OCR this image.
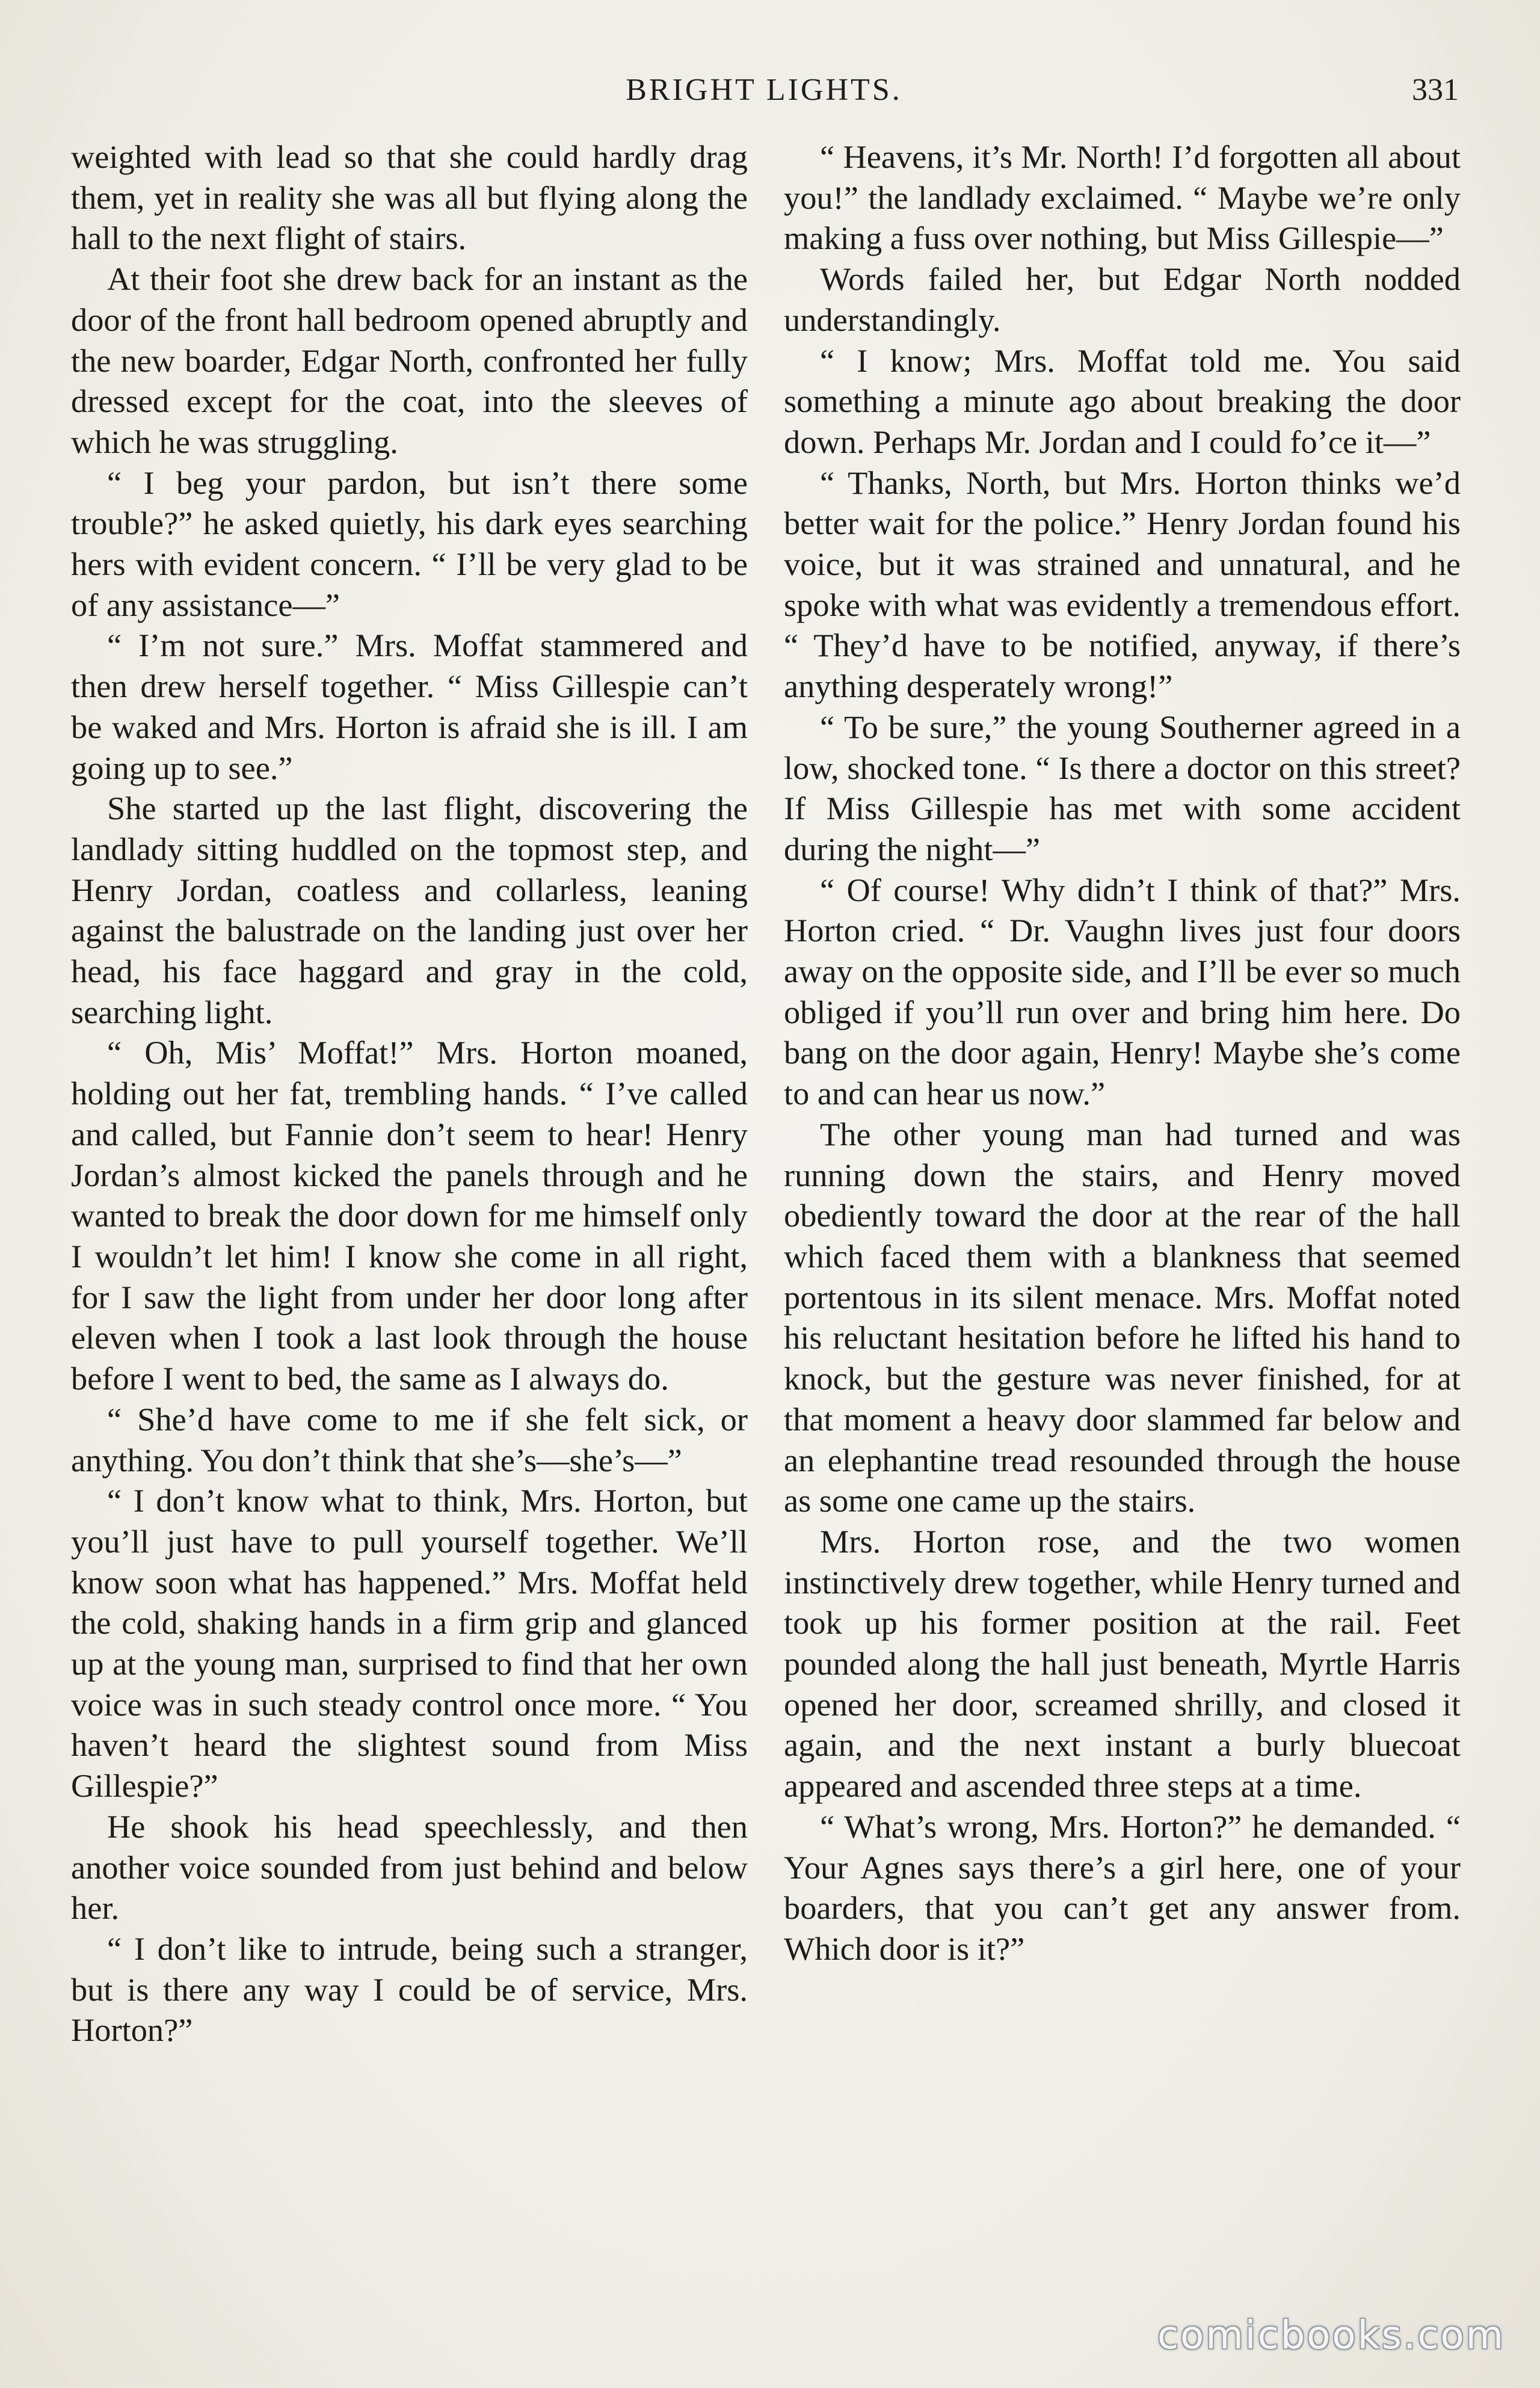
BRIGHT LIGHTS.	331

weighted with lead so that she could hardly drag them, yet in reality she was all but flying along the hall to the next flight of stairs.

At their foot she drew back for an instant as the door of the front hall bedroom opened abruptly and the new boarder, Edgar North, confronted her fully dressed except for the coat, into the sleeves of which he was struggling.

“ I beg your pardon, but isn’t there some trouble?” he asked quietly, his dark eyes searching hers with evident concern. “ I’ll be very glad to be of any assistance—”

“ I’m not sure.” Mrs. Moffat stammered and then drew herself together. “ Miss Gillespie can’t be waked and Mrs. Horton is afraid she is ill. I am going up to see.”

She started up the last flight, discovering the landlady sitting huddled on the topmost step, and Henry Jordan, coatless and collarless, leaning against the balustrade on the landing just over her head, his face haggard and gray in the cold, searching light.

“ Oh, Mis’ Moffat!” Mrs. Horton moaned, holding out her fat, trembling hands. “ I’ve called and called, but Fannie don’t seem to hear! Henry Jordan’s almost kicked the panels through and he wanted to break the door down for me himself only I wouldn’t let him! I know she come in all right, for I saw the light from under her door long after eleven when I took a last look through the house before I went to bed, the same as I always do.

“ She’d have come to me if she felt sick, or anything. You don’t think that she’s—she’s—”

“ I don’t know what to think, Mrs. Horton, but you’ll just have to pull yourself together. We’ll know soon what has happened.” Mrs. Moffat held the cold, shaking hands in a firm grip and glanced up at the young man, surprised to find that her own voice was in such steady control once more. “ You haven’t heard the slightest sound from Miss Gillespie?”

He shook his head speechlessly, and then another voice sounded from just behind and below her.

“ I don’t like to intrude, being such a stranger, but is there any way I could be of service, Mrs. Horton?”

“ Heavens, it’s Mr. North! I’d forgotten all about you!” the landlady exclaimed. “ Maybe we’re only making a fuss over nothing, but Miss Gillespie—”

Words failed her, but Edgar North nodded understandingly.

“ I know; Mrs. Moffat told me. You said something a minute ago about breaking the door down. Perhaps Mr. Jordan and I could fo’ce it—”

“ Thanks, North, but Mrs. Horton thinks we’d better wait for the police.” Henry Jordan found his voice, but it was strained and unnatural, and he spoke with what was evidently a tremendous effort. “ They’d have to be notified, anyway, if there’s anything desperately wrong!”

“ To be sure,” the young Southerner agreed in a low, shocked tone. “ Is there a doctor on this street? If Miss Gillespie has met with some accident during the night—”

“ Of course! Why didn’t I think of that?” Mrs. Horton cried. “ Dr. Vaughn lives just four doors away on the opposite side, and I’ll be ever so much obliged if you’ll run over and bring him here. Do bang on the door again, Henry! Maybe she’s come to and can hear us now.”

The other young man had turned and was running down the stairs, and Henry moved obediently toward the door at the rear of the hall which faced them with a blankness that seemed portentous in its silent menace. Mrs. Moffat noted his reluctant hesitation before he lifted his hand to knock, but the gesture was never finished, for at that moment a heavy door slammed far below and an elephantine tread resounded through the house as some one came up the stairs.

Mrs. Horton rose, and the two women instinctively drew together, while Henry turned and took up his former position at the rail. Feet pounded along the hall just beneath, Myrtle Harris opened her door, screamed shrilly, and closed it again, and the next instant a burly bluecoat appeared and ascended three steps at a time.

“ What’s wrong, Mrs. Horton?” he demanded. “ Your Agnes says there’s a girl here, one of your boarders, that you can’t get any answer from. Which door is it?”

comicbooks.com
